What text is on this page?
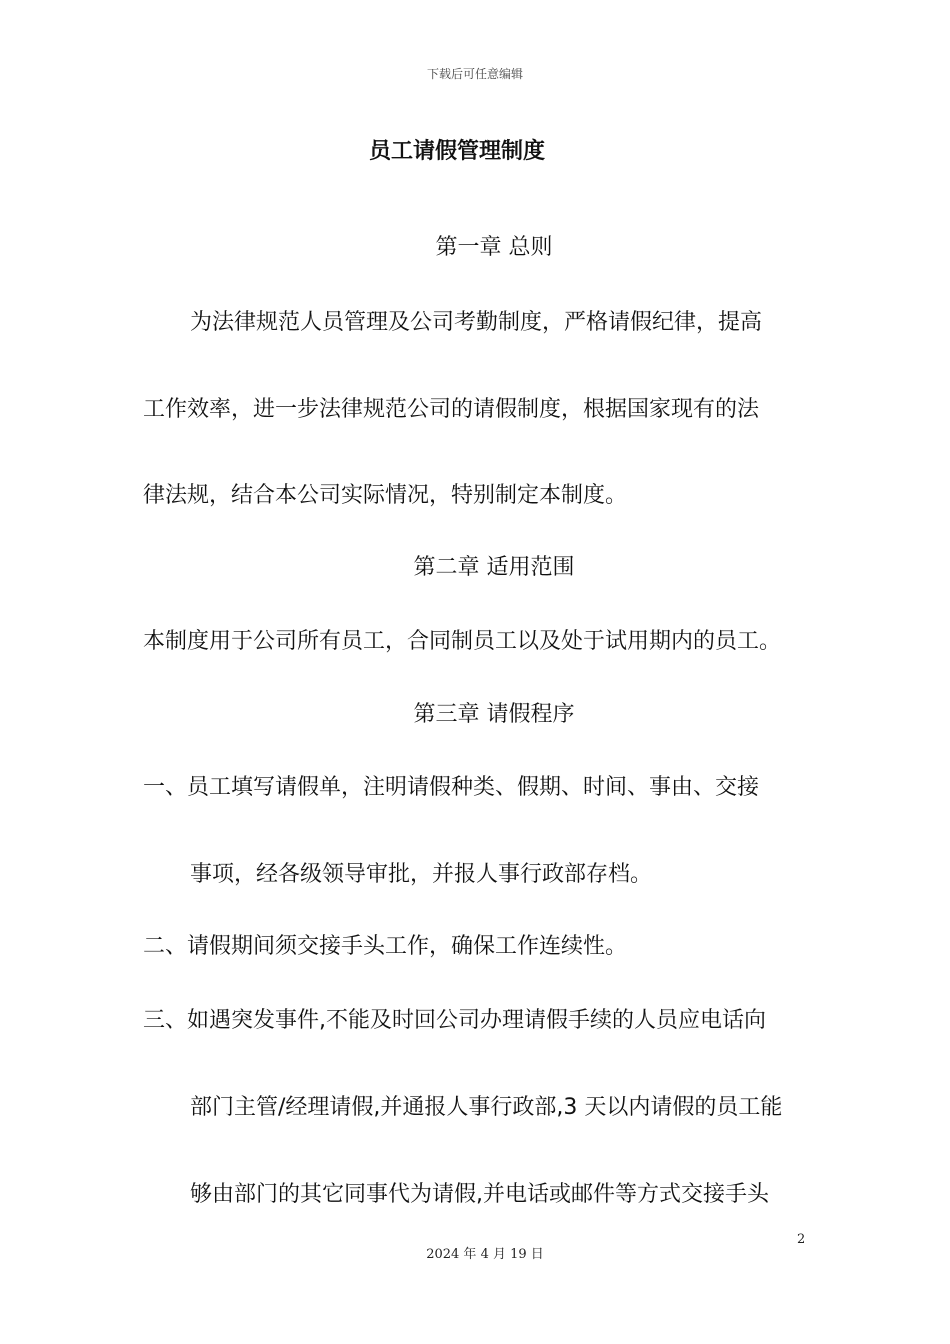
下载后可任意编辑
员工请假管理制度
第一章 总则
为法律规范人员管理及公司考勤制度，严格请假纪律，提高
工作效率，进一步法律规范公司的请假制度，根据国家现有的法
律法规，结合本公司实际情况，特别制定本制度。
第二章 适用范围
本制度用于公司所有员工，合同制员工以及处于试用期内的员工。
第三章 请假程序
一、员工填写请假单，注明请假种类、假期、时间、事由、交接
事项，经各级领导审批，并报人事行政部存档。
二、请假期间须交接手头工作，确保工作连续性。
三、如遇突发事件,不能及时回公司办理请假手续的人员应电话向
部门主管/经理请假,并通报人事行政部,3 天以内请假的员工能
够由部门的其它同事代为请假,并电话或邮件等方式交接手头
2
2024 年 4 月 19 日
